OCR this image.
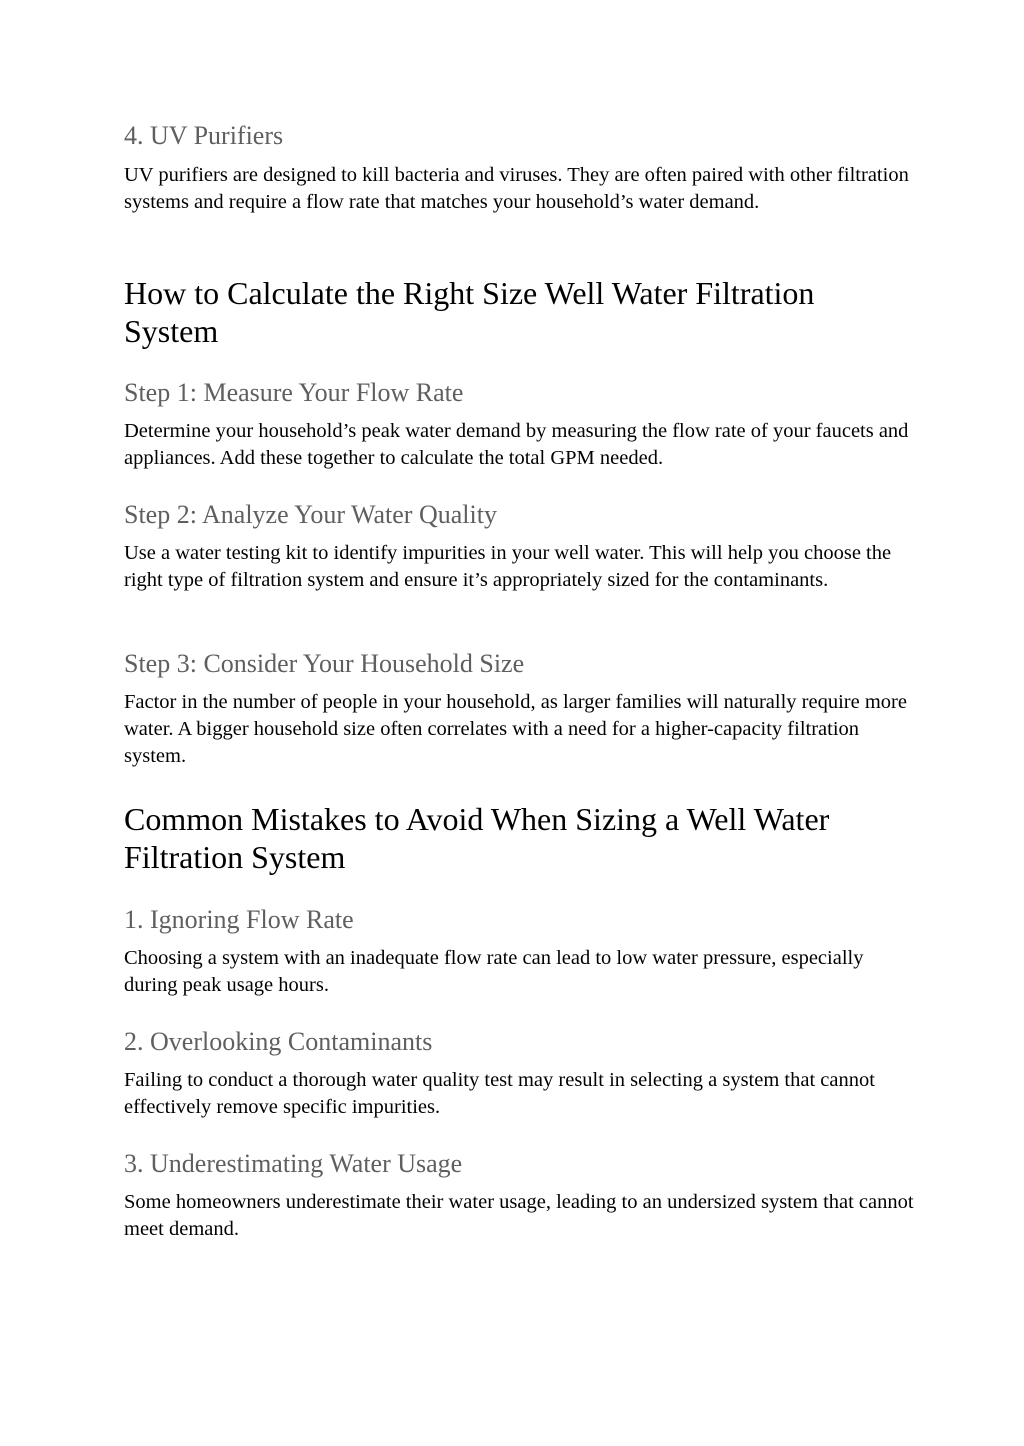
4. UV Purifiers

UV purifiers are designed to kill bacteria and viruses. They are often paired with other filtration systems and require a flow rate that matches your household’s water demand.

How to Calculate the Right Size Well Water Filtration System
Step 1: Measure Your Flow Rate

Determine your household’s peak water demand by measuring the flow rate of your faucets and appliances. Add these together to calculate the total GPM needed.

Step 2: Analyze Your Water Quality

Use a water testing kit to identify impurities in your well water. This will help you choose the right type of filtration system and ensure it’s appropriately sized for the contaminants.

Step 3: Consider Your Household Size

Factor in the number of people in your household, as larger families will naturally require more water. A bigger household size often correlates with a need for a higher-capacity filtration system.

Common Mistakes to Avoid When Sizing a Well Water Filtration System
1. Ignoring Flow Rate

Choosing a system with an inadequate flow rate can lead to low water pressure, especially during peak usage hours.

2. Overlooking Contaminants

Failing to conduct a thorough water quality test may result in selecting a system that cannot effectively remove specific impurities.

3. Underestimating Water Usage

Some homeowners underestimate their water usage, leading to an undersized system that cannot meet demand.
